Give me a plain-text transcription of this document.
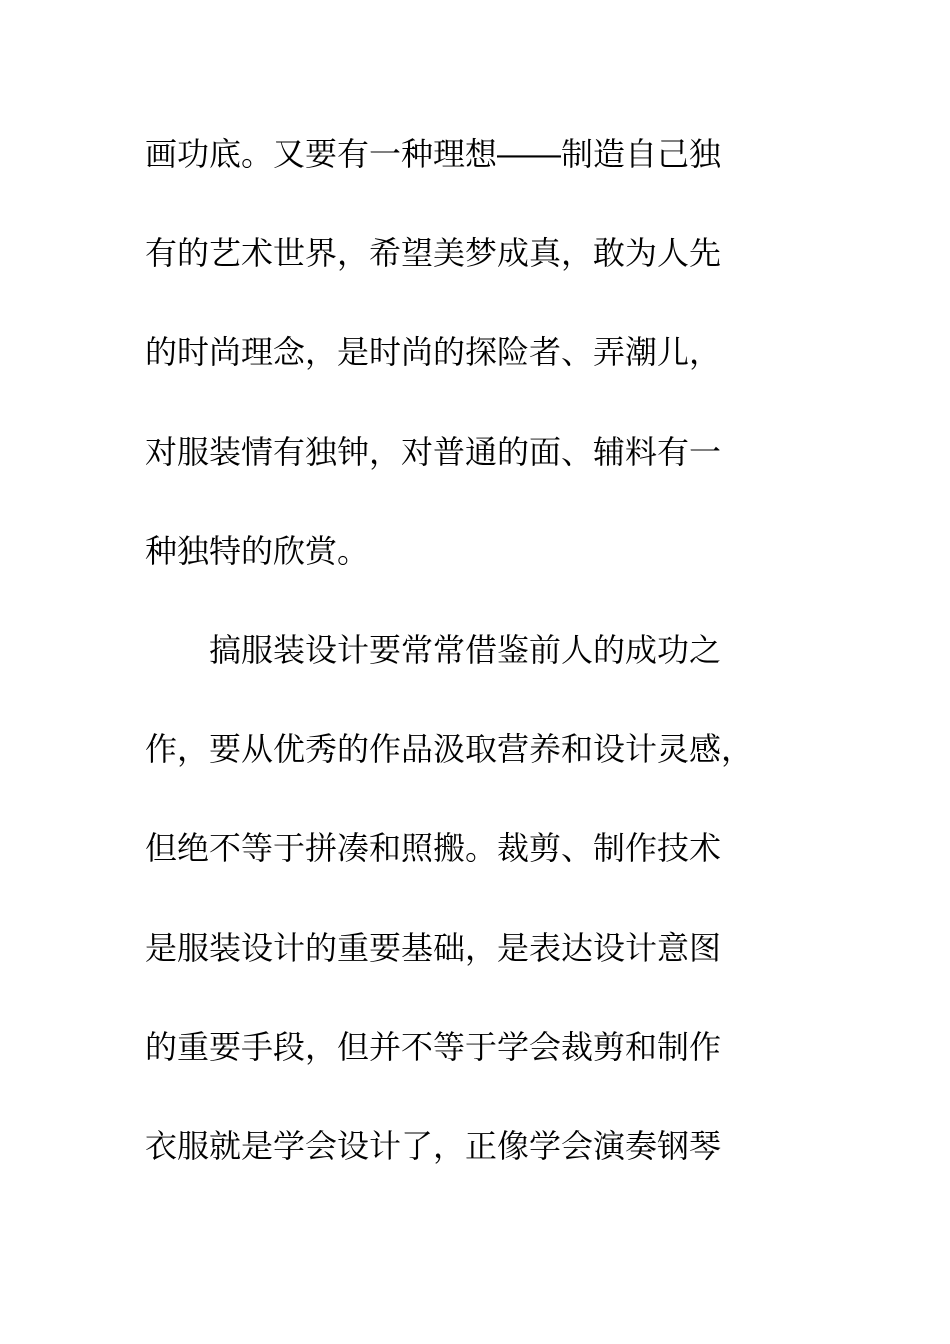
画功底。又要有一种理想――制造自己独
有的艺术世界，希望美梦成真，敢为人先
的时尚理念，是时尚的探险者、弄潮儿，
对服装情有独钟，对普通的面、辅料有一
种独特的欣赏。
　　搞服装设计要常常借鉴前人的成功之
作，要从优秀的作品汲取营养和设计灵感，
但绝不等于拼凑和照搬。裁剪、制作技术
是服装设计的重要基础，是表达设计意图
的重要手段，但并不等于学会裁剪和制作
衣服就是学会设计了，正像学会演奏钢琴
